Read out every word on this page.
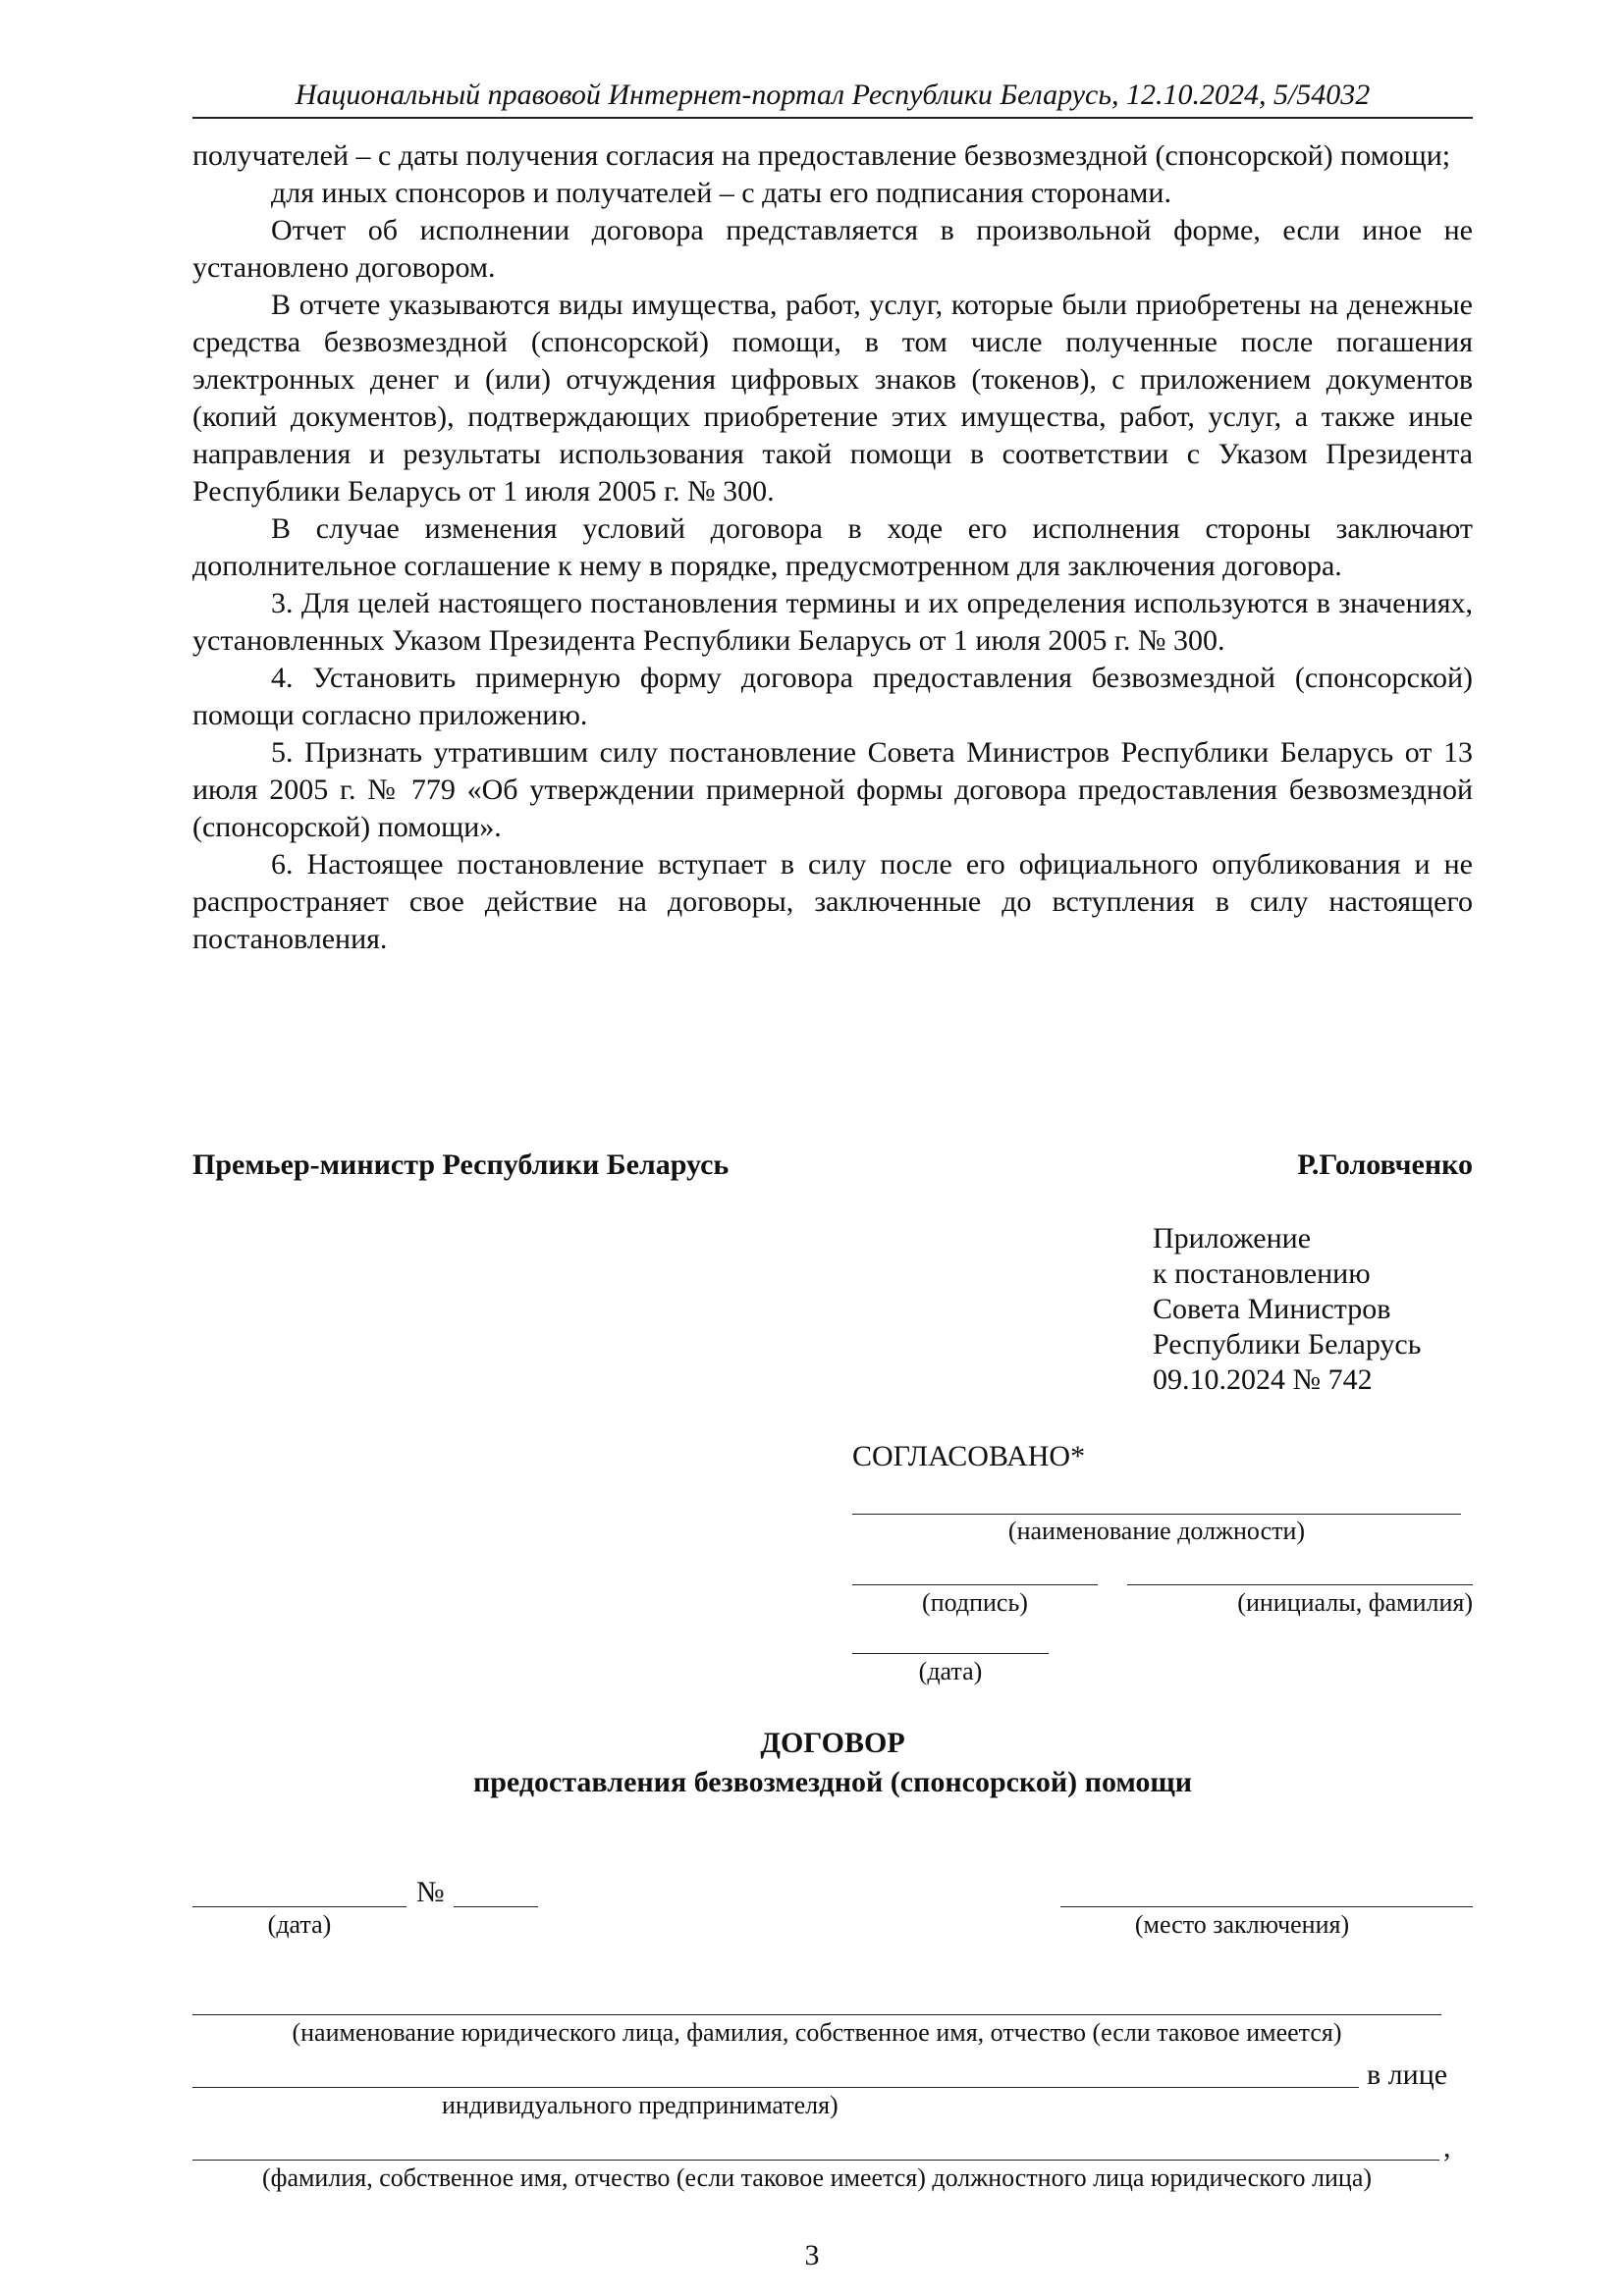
Национальный правовой Интернет-портал Республики Беларусь, 12.10.2024, 5/54032

получателей – с даты получения согласия на предоставление безвозмездной (спонсорской) помощи;

для иных спонсоров и получателей – с даты его подписания сторонами.

Отчет об исполнении договора представляется в произвольной форме, если иное не установлено договором.

В отчете указываются виды имущества, работ, услуг, которые были приобретены на денежные средства безвозмездной (спонсорской) помощи, в том числе полученные после погашения электронных денег и (или) отчуждения цифровых знаков (токенов), с приложением документов (копий документов), подтверждающих приобретение этих имущества, работ, услуг, а также иные направления и результаты использования такой помощи в соответствии с Указом Президента Республики Беларусь от 1 июля 2005 г. № 300.

В случае изменения условий договора в ходе его исполнения стороны заключают дополнительное соглашение к нему в порядке, предусмотренном для заключения договора.

3. Для целей настоящего постановления термины и их определения используются в значениях, установленных Указом Президента Республики Беларусь от 1 июля 2005 г. № 300.

4. Установить примерную форму договора предоставления безвозмездной (спонсорской) помощи согласно приложению.

5. Признать утратившим силу постановление Совета Министров Республики Беларусь от 13 июля 2005 г. № 779 «Об утверждении примерной формы договора предоставления безвозмездной (спонсорской) помощи».

6. Настоящее постановление вступает в силу после его официального опубликования и не распространяет свое действие на договоры, заключенные до вступления в силу настоящего постановления.

Премьер-министр Республики Беларусь	Р.Головченко
Приложение
к постановлению
Совета Министров
Республики Беларусь
09.10.2024 № 742
СОГЛАСОВАНО*
(наименование должности)
(подпись)	(инициалы, фамилия)
(дата)
ДОГОВОР
предоставления безвозмездной (спонсорской) помощи
№
(дата)	(место заключения)
(наименование юридического лица, фамилия, собственное имя, отчество (если таковое имеется)
в лице
индивидуального предпринимателя)
,
(фамилия, собственное имя, отчество (если таковое имеется) должностного лица юридического лица)
3
